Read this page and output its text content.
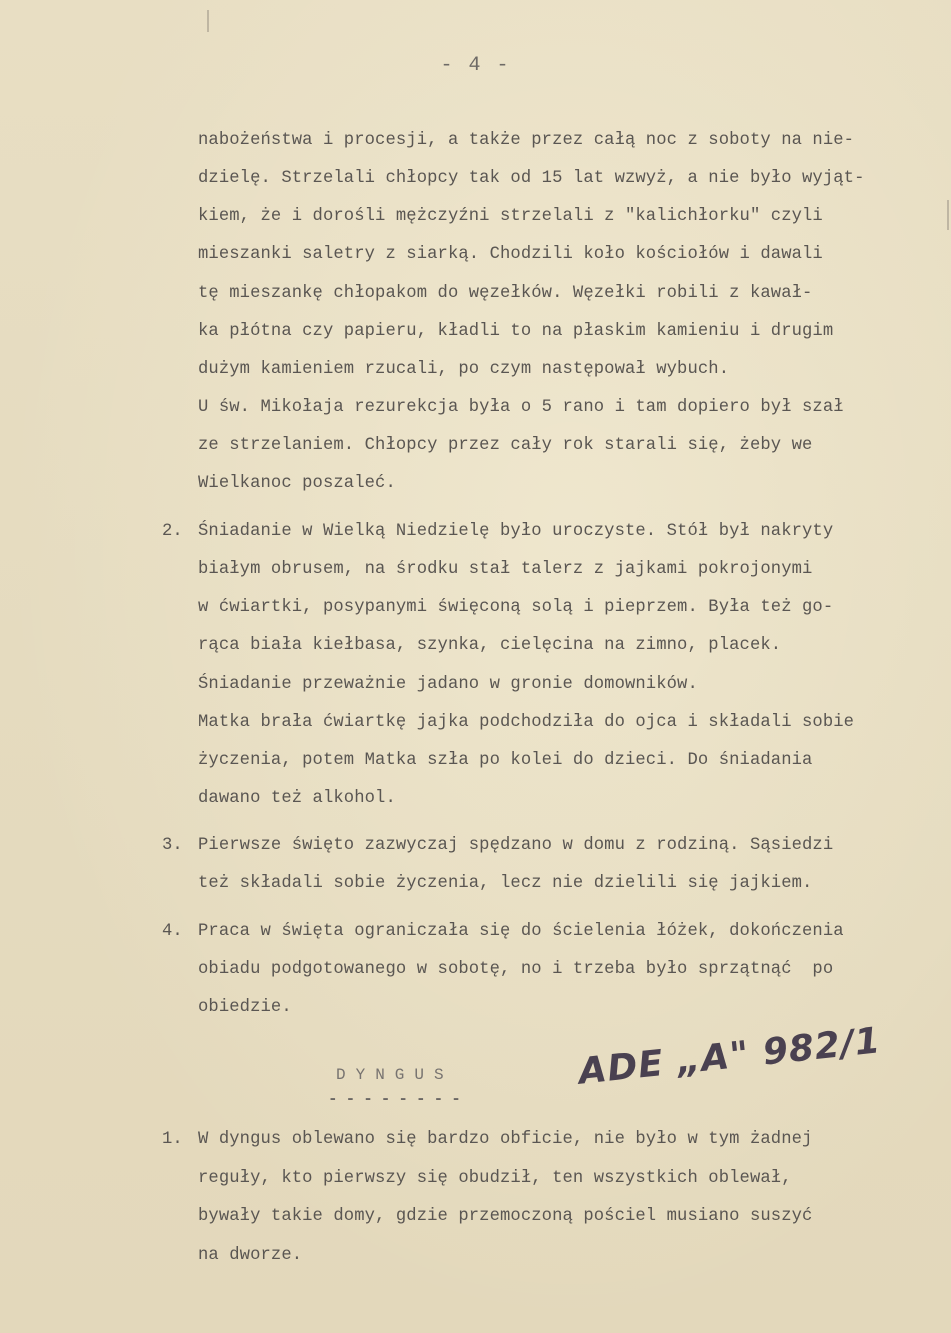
- 4 -
nabożeństwa i procesji, a także przez całą noc z soboty na nie-
dzielę. Strzelali chłopcy tak od 15 lat wzwyż, a nie było wyjąt-
kiem, że i dorośli mężczyźni strzelali z "kalichłorku" czyli
mieszanki saletry z siarką. Chodzili koło kościołów i dawali
tę mieszankę chłopakom do węzełków. Węzełki robili z kawał-
ka płótna czy papieru, kładli to na płaskim kamieniu i drugim
dużym kamieniem rzucali, po czym następował wybuch.
U św. Mikołaja rezurekcja była o 5 rano i tam dopiero był szał
ze strzelaniem. Chłopcy przez cały rok starali się, żeby we
Wielkanoc poszaleć.
2. Śniadanie w Wielką Niedzielę było uroczyste. Stół był nakryty
białym obrusem, na środku stał talerz z jajkami pokrojonymi
w ćwiartki, posypanymi święconą solą i pieprzem. Była też go-
rąca biała kiełbasa, szynka, cielęcina na zimno, placek.
Śniadanie przeważnie jadano w gronie domowników.
Matka brała ćwiartkę jajka podchodziła do ojca i składali sobie
życzenia, potem Matka szła po kolei do dzieci. Do śniadania
dawano też alkohol.
3. Pierwsze święto zazwyczaj spędzano w domu z rodziną. Sąsiedzi
też składali sobie życzenia, lecz nie dzielili się jajkiem.
4. Praca w święta ograniczała się do ścielenia łóżek, dokończenia
obiadu podgotowanego w sobotę, no i trzeba było sprzątnąć  po
obiedzie.
DYNGUS
--------
ADE „A" 982/1
1. W dyngus oblewano się bardzo obficie, nie było w tym żadnej
reguły, kto pierwszy się obudził, ten wszystkich oblewał,
bywały takie domy, gdzie przemoczoną pościel musiano suszyć
na dworze.
